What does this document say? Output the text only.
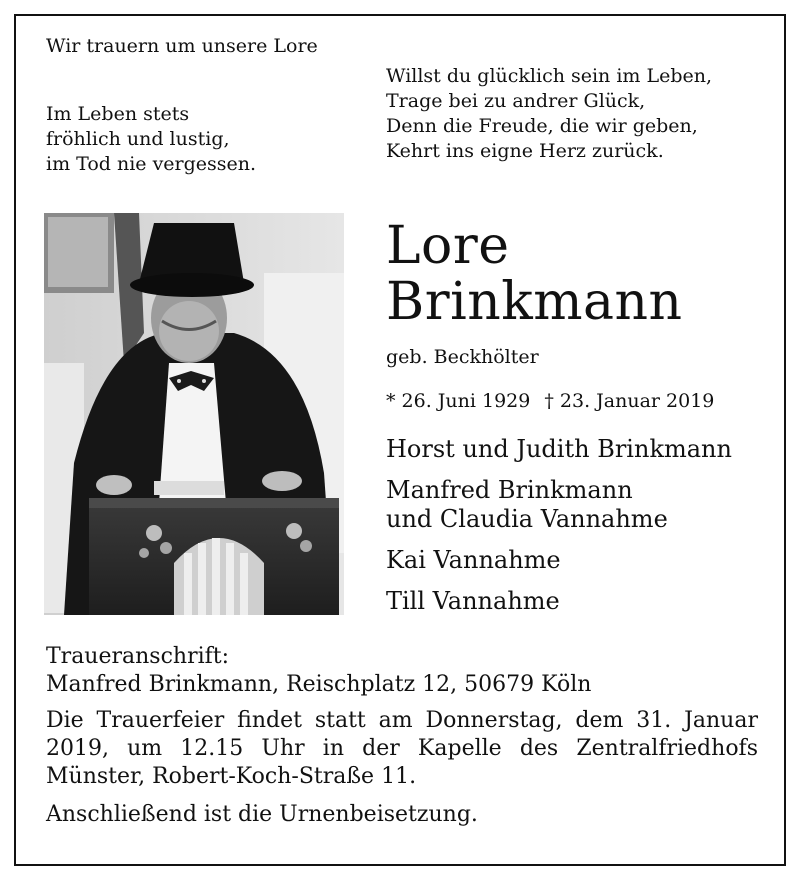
Wir trauern um unsere Lore
Im Leben stets
fröhlich und lustig,
im Tod nie vergessen.
Willst du glücklich sein im Leben,
Trage bei zu andrer Glück,
Denn die Freude, die wir geben,
Kehrt ins eigne Herz zurück.
Lore
Brinkmann
geb. Beckhölter
* 26. Juni 1929 † 23. Januar 2019
Horst und Judith Brinkmann
Manfred Brinkmann
und Claudia Vannahme
Kai Vannahme
Till Vannahme
Traueranschrift:
Manfred Brinkmann, Reischplatz 12, 50679 Köln
Die Trauerfeier findet statt am Donnerstag, dem 31. Januar 2019, um 12.15 Uhr in der Kapelle des Zentralfriedhofs Münster, Robert-Koch-Straße 11.
Anschließend ist die Urnenbeisetzung.
